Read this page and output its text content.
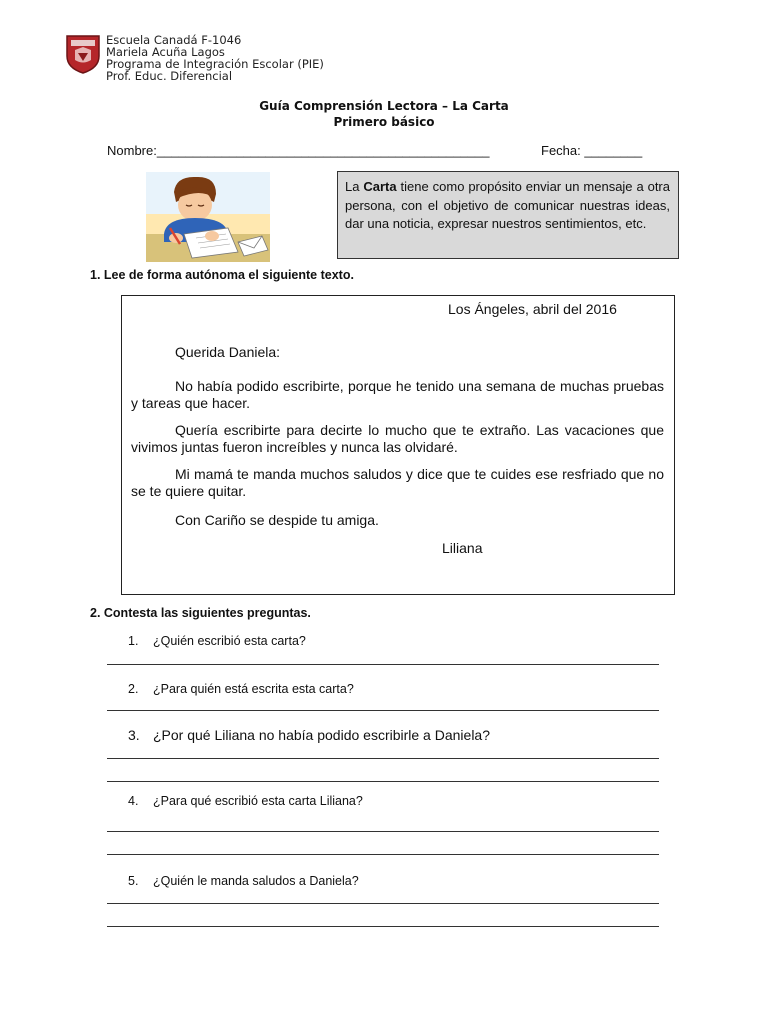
Escuela Canadá F-1046
Mariela Acuña Lagos
Programa de Integración Escolar (PIE)
Prof. Educ. Diferencial
Guía Comprensión Lectora – La Carta
Primero básico
Nombre:______________________________________________	Fecha: ________
La Carta tiene como propósito enviar un mensaje a otra persona, con el objetivo de comunicar nuestras ideas, dar una noticia, expresar nuestros sentimientos, etc.
1. Lee de forma autónoma el siguiente texto.
Los Ángeles, abril del 2016
Querida Daniela:
No había podido escribirte, porque he tenido una semana de muchas pruebas y tareas que hacer.
Quería escribirte para decirte lo mucho que te extraño. Las vacaciones que vivimos juntas fueron increíbles y nunca las olvidaré.
Mi mamá te manda muchos saludos y dice que te cuides ese resfriado que no se te quiere quitar.
Con Cariño se despide tu amiga.
Liliana
2. Contesta las siguientes preguntas.
1. ¿Quién escribió esta carta?
2. ¿Para quién está escrita esta carta?
3. ¿Por qué Liliana no había podido escribirle a Daniela?
4. ¿Para qué escribió esta carta Liliana?
5. ¿Quién le manda saludos a Daniela?
